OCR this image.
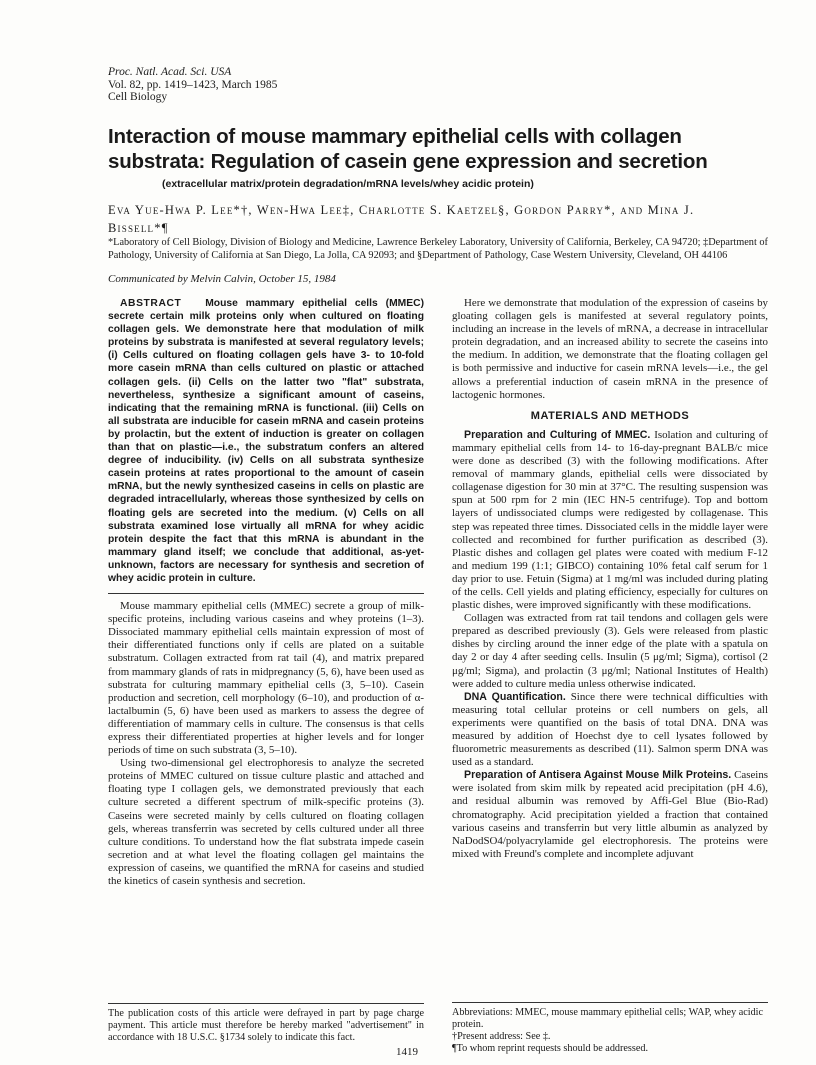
Proc. Natl. Acad. Sci. USA
Vol. 82, pp. 1419–1423, March 1985
Cell Biology
Interaction of mouse mammary epithelial cells with collagen substrata: Regulation of casein gene expression and secretion
(extracellular matrix/protein degradation/mRNA levels/whey acidic protein)
Eva Yue-Hwa P. Lee*†, Wen-Hwa Lee‡, Charlotte S. Kaetzel§, Gordon Parry*, and Mina J. Bissell*¶
*Laboratory of Cell Biology, Division of Biology and Medicine, Lawrence Berkeley Laboratory, University of California, Berkeley, CA 94720; ‡Department of Pathology, University of California at San Diego, La Jolla, CA 92093; and §Department of Pathology, Case Western University, Cleveland, OH 44106
Communicated by Melvin Calvin, October 15, 1984

ABSTRACT Mouse mammary epithelial cells (MMEC) secrete certain milk proteins only when cultured on floating collagen gels. We demonstrate here that modulation of milk proteins by substrata is manifested at several regulatory levels; (i) Cells cultured on floating collagen gels have 3- to 10-fold more casein mRNA than cells cultured on plastic or attached collagen gels. (ii) Cells on the latter two "flat" substrata, nevertheless, synthesize a significant amount of caseins, indicating that the remaining mRNA is functional. (iii) Cells on all substrata are inducible for casein mRNA and casein proteins by prolactin, but the extent of induction is greater on collagen than that on plastic—i.e., the substratum confers an altered degree of inducibility. (iv) Cells on all substrata synthesize casein proteins at rates proportional to the amount of casein mRNA, but the newly synthesized caseins in cells on plastic are degraded intracellularly, whereas those synthesized by cells on floating gels are secreted into the medium. (v) Cells on all substrata examined lose virtually all mRNA for whey acidic protein despite the fact that this mRNA is abundant in the mammary gland itself; we conclude that additional, as-yet-unknown, factors are necessary for synthesis and secretion of whey acidic protein in culture.

Mouse mammary epithelial cells (MMEC) secrete a group of milk-specific proteins, including various caseins and whey proteins (1–3). Dissociated mammary epithelial cells maintain expression of most of their differentiated functions only if cells are plated on a suitable substratum. Collagen extracted from rat tail (4), and matrix prepared from mammary glands of rats in midpregnancy (5, 6), have been used as substrata for culturing mammary epithelial cells (3, 5–10). Casein production and secretion, cell morphology (6–10), and production of α-lactalbumin (5, 6) have been used as markers to assess the degree of differentiation of mammary cells in culture. The consensus is that cells express their differentiated properties at higher levels and for longer periods of time on such substrata (3, 5–10).

Using two-dimensional gel electrophoresis to analyze the secreted proteins of MMEC cultured on tissue culture plastic and attached and floating type I collagen gels, we demonstrated previously that each culture secreted a different spectrum of milk-specific proteins (3). Caseins were secreted mainly by cells cultured on floating collagen gels, whereas transferrin was secreted by cells cultured under all three culture conditions. To understand how the flat substrata impede casein secretion and at what level the floating collagen gel maintains the expression of caseins, we quantified the mRNA for caseins and studied the kinetics of casein synthesis and secretion.

Here we demonstrate that modulation of the expression of caseins by gloating collagen gels is manifested at several regulatory points, including an increase in the levels of mRNA, a decrease in intracellular protein degradation, and an increased ability to secrete the caseins into the medium. In addition, we demonstrate that the floating collagen gel is both permissive and inductive for casein mRNA levels—i.e., the gel allows a preferential induction of casein mRNA in the presence of lactogenic hormones.

MATERIALS AND METHODS

Preparation and Culturing of MMEC. Isolation and culturing of mammary epithelial cells from 14- to 16-day-pregnant BALB/c mice were done as described (3) with the following modifications. After removal of mammary glands, epithelial cells were dissociated by collagenase digestion for 30 min at 37°C. The resulting suspension was spun at 500 rpm for 2 min (IEC HN-5 centrifuge). Top and bottom layers of undissociated clumps were redigested by collagenase. This step was repeated three times. Dissociated cells in the middle layer were collected and recombined for further purification as described (3). Plastic dishes and collagen gel plates were coated with medium F-12 and medium 199 (1:1; GIBCO) containing 10% fetal calf serum for 1 day prior to use. Fetuin (Sigma) at 1 mg/ml was included during plating of the cells. Cell yields and plating efficiency, especially for cultures on plastic dishes, were improved significantly with these modifications.

Collagen was extracted from rat tail tendons and collagen gels were prepared as described previously (3). Gels were released from plastic dishes by circling around the inner edge of the plate with a spatula on day 2 or day 4 after seeding cells. Insulin (5 μg/ml; Sigma), cortisol (2 μg/ml; Sigma), and prolactin (3 μg/ml; National Institutes of Health) were added to culture media unless otherwise indicated.

DNA Quantification. Since there were technical difficulties with measuring total cellular proteins or cell numbers on gels, all experiments were quantified on the basis of total DNA. DNA was measured by addition of Hoechst dye to cell lysates followed by fluorometric measurements as described (11). Salmon sperm DNA was used as a standard.

Preparation of Antisera Against Mouse Milk Proteins. Caseins were isolated from skim milk by repeated acid precipitation (pH 4.6), and residual albumin was removed by Affi-Gel Blue (Bio-Rad) chromatography. Acid precipitation yielded a fraction that contained various caseins and transferrin but very little albumin as analyzed by NaDodSO4/polyacrylamide gel electrophoresis. The proteins were mixed with Freund's complete and incomplete adjuvant

The publication costs of this article were defrayed in part by page charge payment. This article must therefore be hereby marked "advertisement" in accordance with 18 U.S.C. §1734 solely to indicate this fact.
Abbreviations: MMEC, mouse mammary epithelial cells; WAP, whey acidic protein.
†Present address: See ‡.
¶To whom reprint requests should be addressed.
1419
